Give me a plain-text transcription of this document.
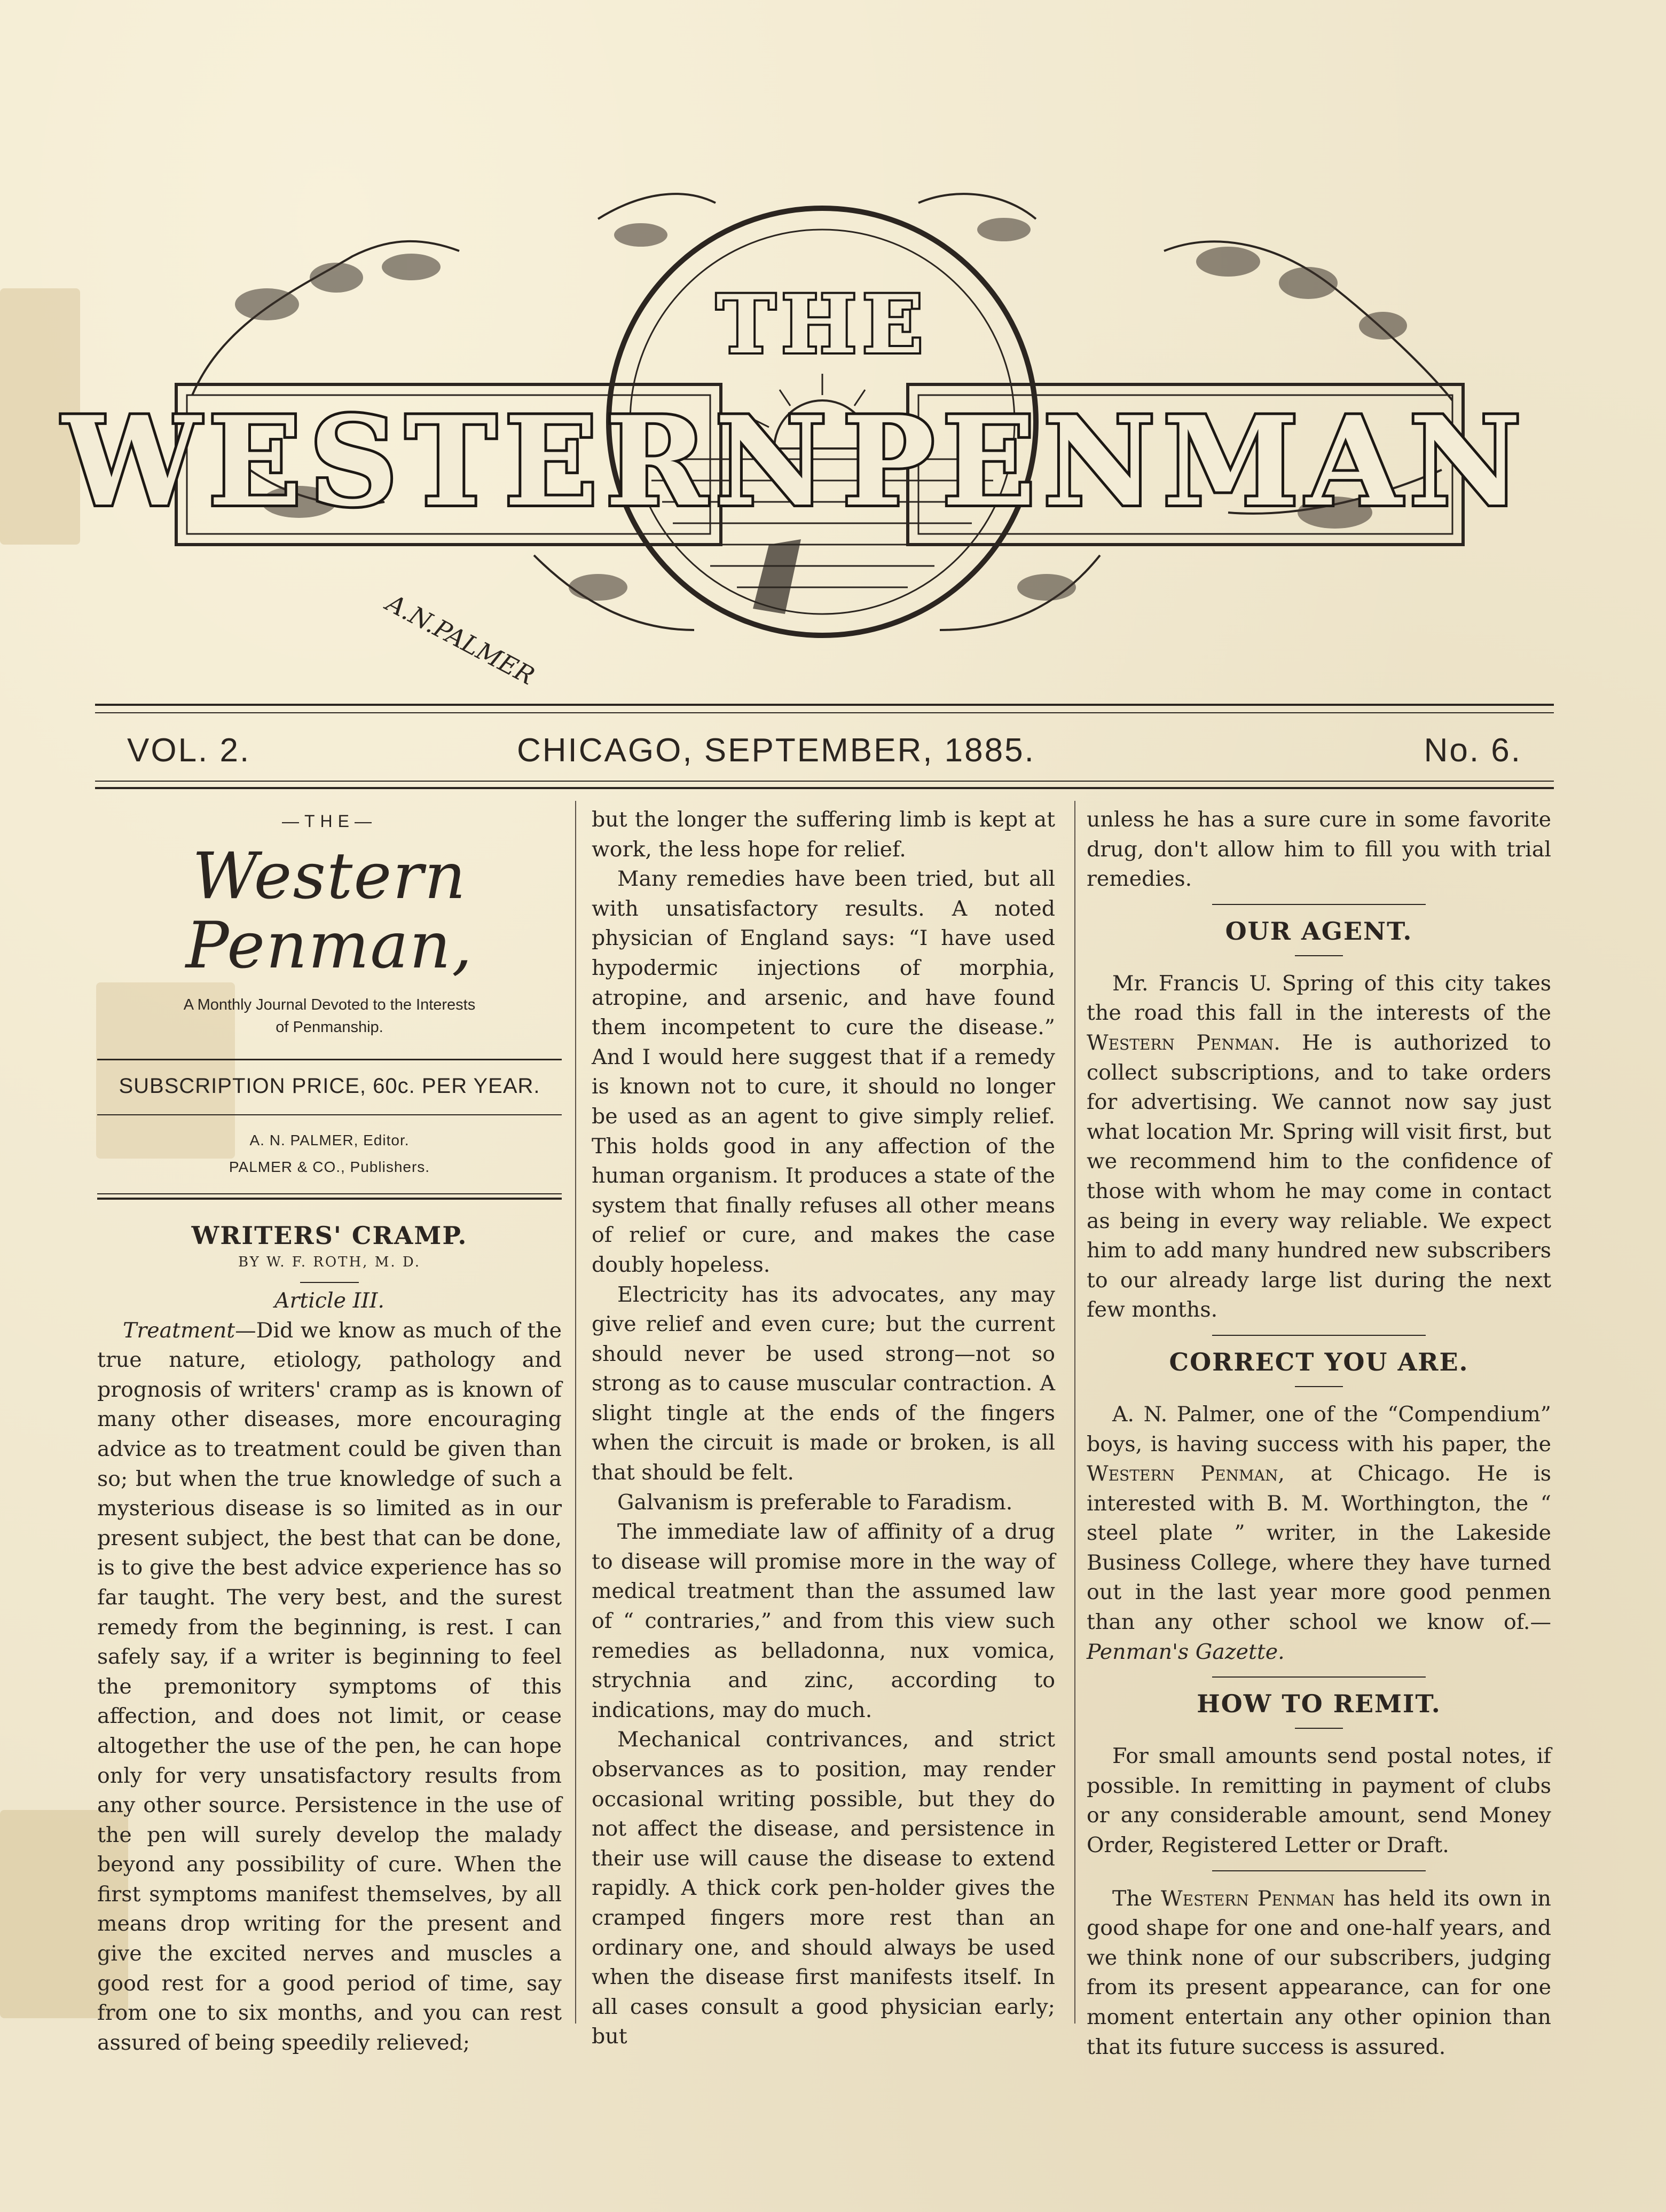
THE
WESTERN PENMAN
A.N.PALMER
VOL. 2.	CHICAGO, SEPTEMBER, 1885.	No. 6.
—THE—
Western Penman,
A Monthly Journal Devoted to the Interests
of Penmanship.
SUBSCRIPTION PRICE, 60c. PER YEAR.
A. N. PALMER, Editor.
PALMER & CO., Publishers.

WRITERS' CRAMP.

BY W. F. ROTH, M. D.

Article III.

Treatment—Did we know as much of the true nature, etiology, pathology and prognosis of writers' cramp as is known of many other diseases, more encouraging advice as to treatment could be given than so; but when the true knowledge of such a mysterious disease is so limited as in our present subject, the best that can be done, is to give the best advice experience has so far taught. The very best, and the surest remedy from the beginning, is rest. I can safely say, if a writer is beginning to feel the premonitory symptoms of this affection, and does not limit, or cease altogether the use of the pen, he can hope only for very unsatisfactory results from any other source. Persistence in the use of the pen will surely develop the malady beyond any possibility of cure. When the first symptoms manifest themselves, by all means drop writing for the present and give the excited nerves and muscles a good rest for a good period of time, say from one to six months, and you can rest assured of being speedily relieved;

but the longer the suffering limb is kept at work, the less hope for relief.

Many remedies have been tried, but all with unsatisfactory results. A noted physician of England says: “I have used hypodermic injections of morphia, atropine, and arsenic, and have found them incompetent to cure the disease.” And I would here suggest that if a remedy is known not to cure, it should no longer be used as an agent to give simply relief. This holds good in any affection of the human organism. It produces a state of the system that finally refuses all other means of relief or cure, and makes the case doubly hopeless.

Electricity has its advocates, any may give relief and even cure; but the current should never be used strong—not so strong as to cause muscular contraction. A slight tingle at the ends of the fingers when the circuit is made or broken, is all that should be felt.

Galvanism is preferable to Faradism.

The immediate law of affinity of a drug to disease will promise more in the way of medical treatment than the assumed law of “ contraries,” and from this view such remedies as belladonna, nux vomica, strychnia and zinc, according to indications, may do much.

Mechanical contrivances, and strict observances as to position, may render occasional writing possible, but they do not affect the disease, and persistence in their use will cause the disease to extend rapidly. A thick cork pen-holder gives the cramped fingers more rest than an ordinary one, and should always be used when the disease first manifests itself. In all cases consult a good physician early; but

unless he has a sure cure in some favorite drug, don't allow him to fill you with trial remedies.

OUR AGENT.

Mr. Francis U. Spring of this city takes the road this fall in the interests of the Western Penman. He is authorized to collect subscriptions, and to take orders for advertising. We cannot now say just what location Mr. Spring will visit first, but we recommend him to the confidence of those with whom he may come in contact as being in every way reliable. We expect him to add many hundred new subscribers to our already large list during the next few months.

CORRECT YOU ARE.

A. N. Palmer, one of the “Compendium” boys, is having success with his paper, the Western Penman, at Chicago. He is interested with B. M. Worthington, the “ steel plate ” writer, in the Lakeside Business College, where they have turned out in the last year more good penmen than any other school we know of.—Penman's Gazette.

HOW TO REMIT.

For small amounts send postal notes, if possible. In remitting in payment of clubs or any considerable amount, send Money Order, Registered Letter or Draft.

The Western Penman has held its own in good shape for one and one-half years, and we think none of our subscribers, judging from its present appearance, can for one moment entertain any other opinion than that its future success is assured.
